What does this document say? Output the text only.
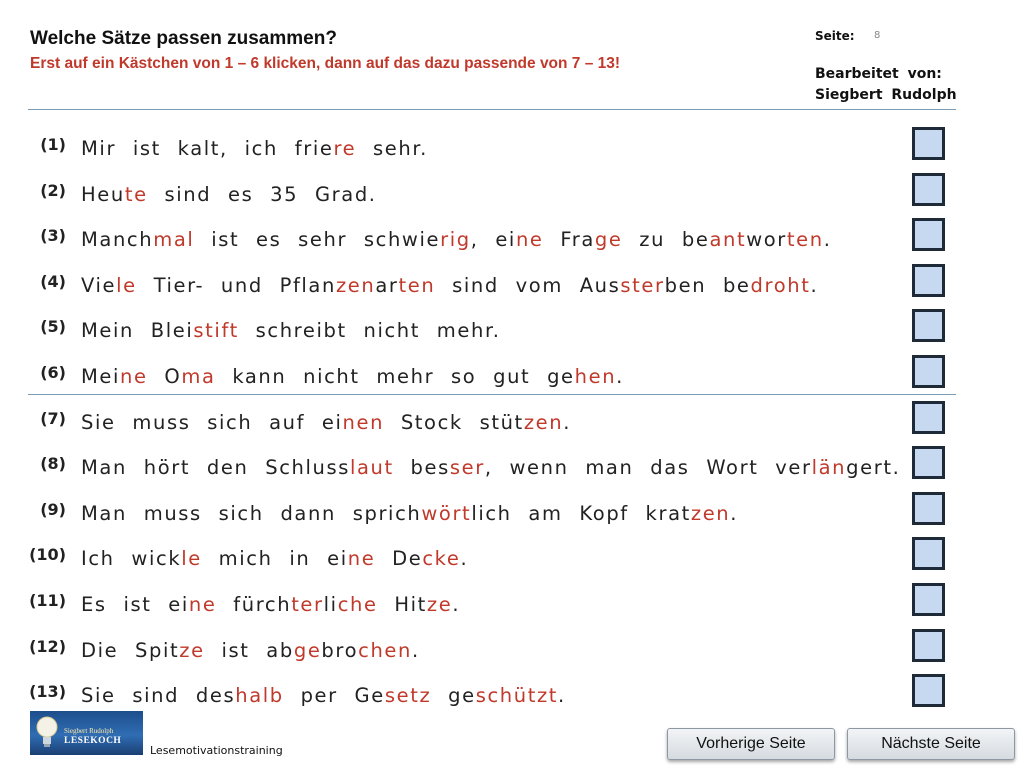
Welche Sätze passen zusammen?
Erst auf ein Kästchen von 1 – 6 klicken, dann auf das dazu passende von 7 – 13!
Seite: 8
Bearbeitet von:
Siegbert Rudolph
(1) Mir ist kalt, ich friere sehr.
(2) Heute sind es 35 Grad.
(3) Manchmal ist es sehr schwierig, eine Frage zu beantworten.
(4) Viele Tier- und Pflanzenarten sind vom Aussterben bedroht.
(5) Mein Bleistift schreibt nicht mehr.
(6) Meine Oma kann nicht mehr so gut gehen.
(7) Sie muss sich auf einen Stock stützen.
(8) Man hört den Schlusslaut besser, wenn man das Wort verlängert.
(9) Man muss sich dann sprichwörtlich am Kopf kratzen.
(10) Ich wickle mich in eine Decke.
(11) Es ist eine fürchterliche Hitze.
(12) Die Spitze ist abgebrochen.
(13) Sie sind deshalb per Gesetz geschützt.
Siegbert Rudolph
LESEKOCH
Lesemotivationstraining	Vorherige Seite	Nächste Seite
